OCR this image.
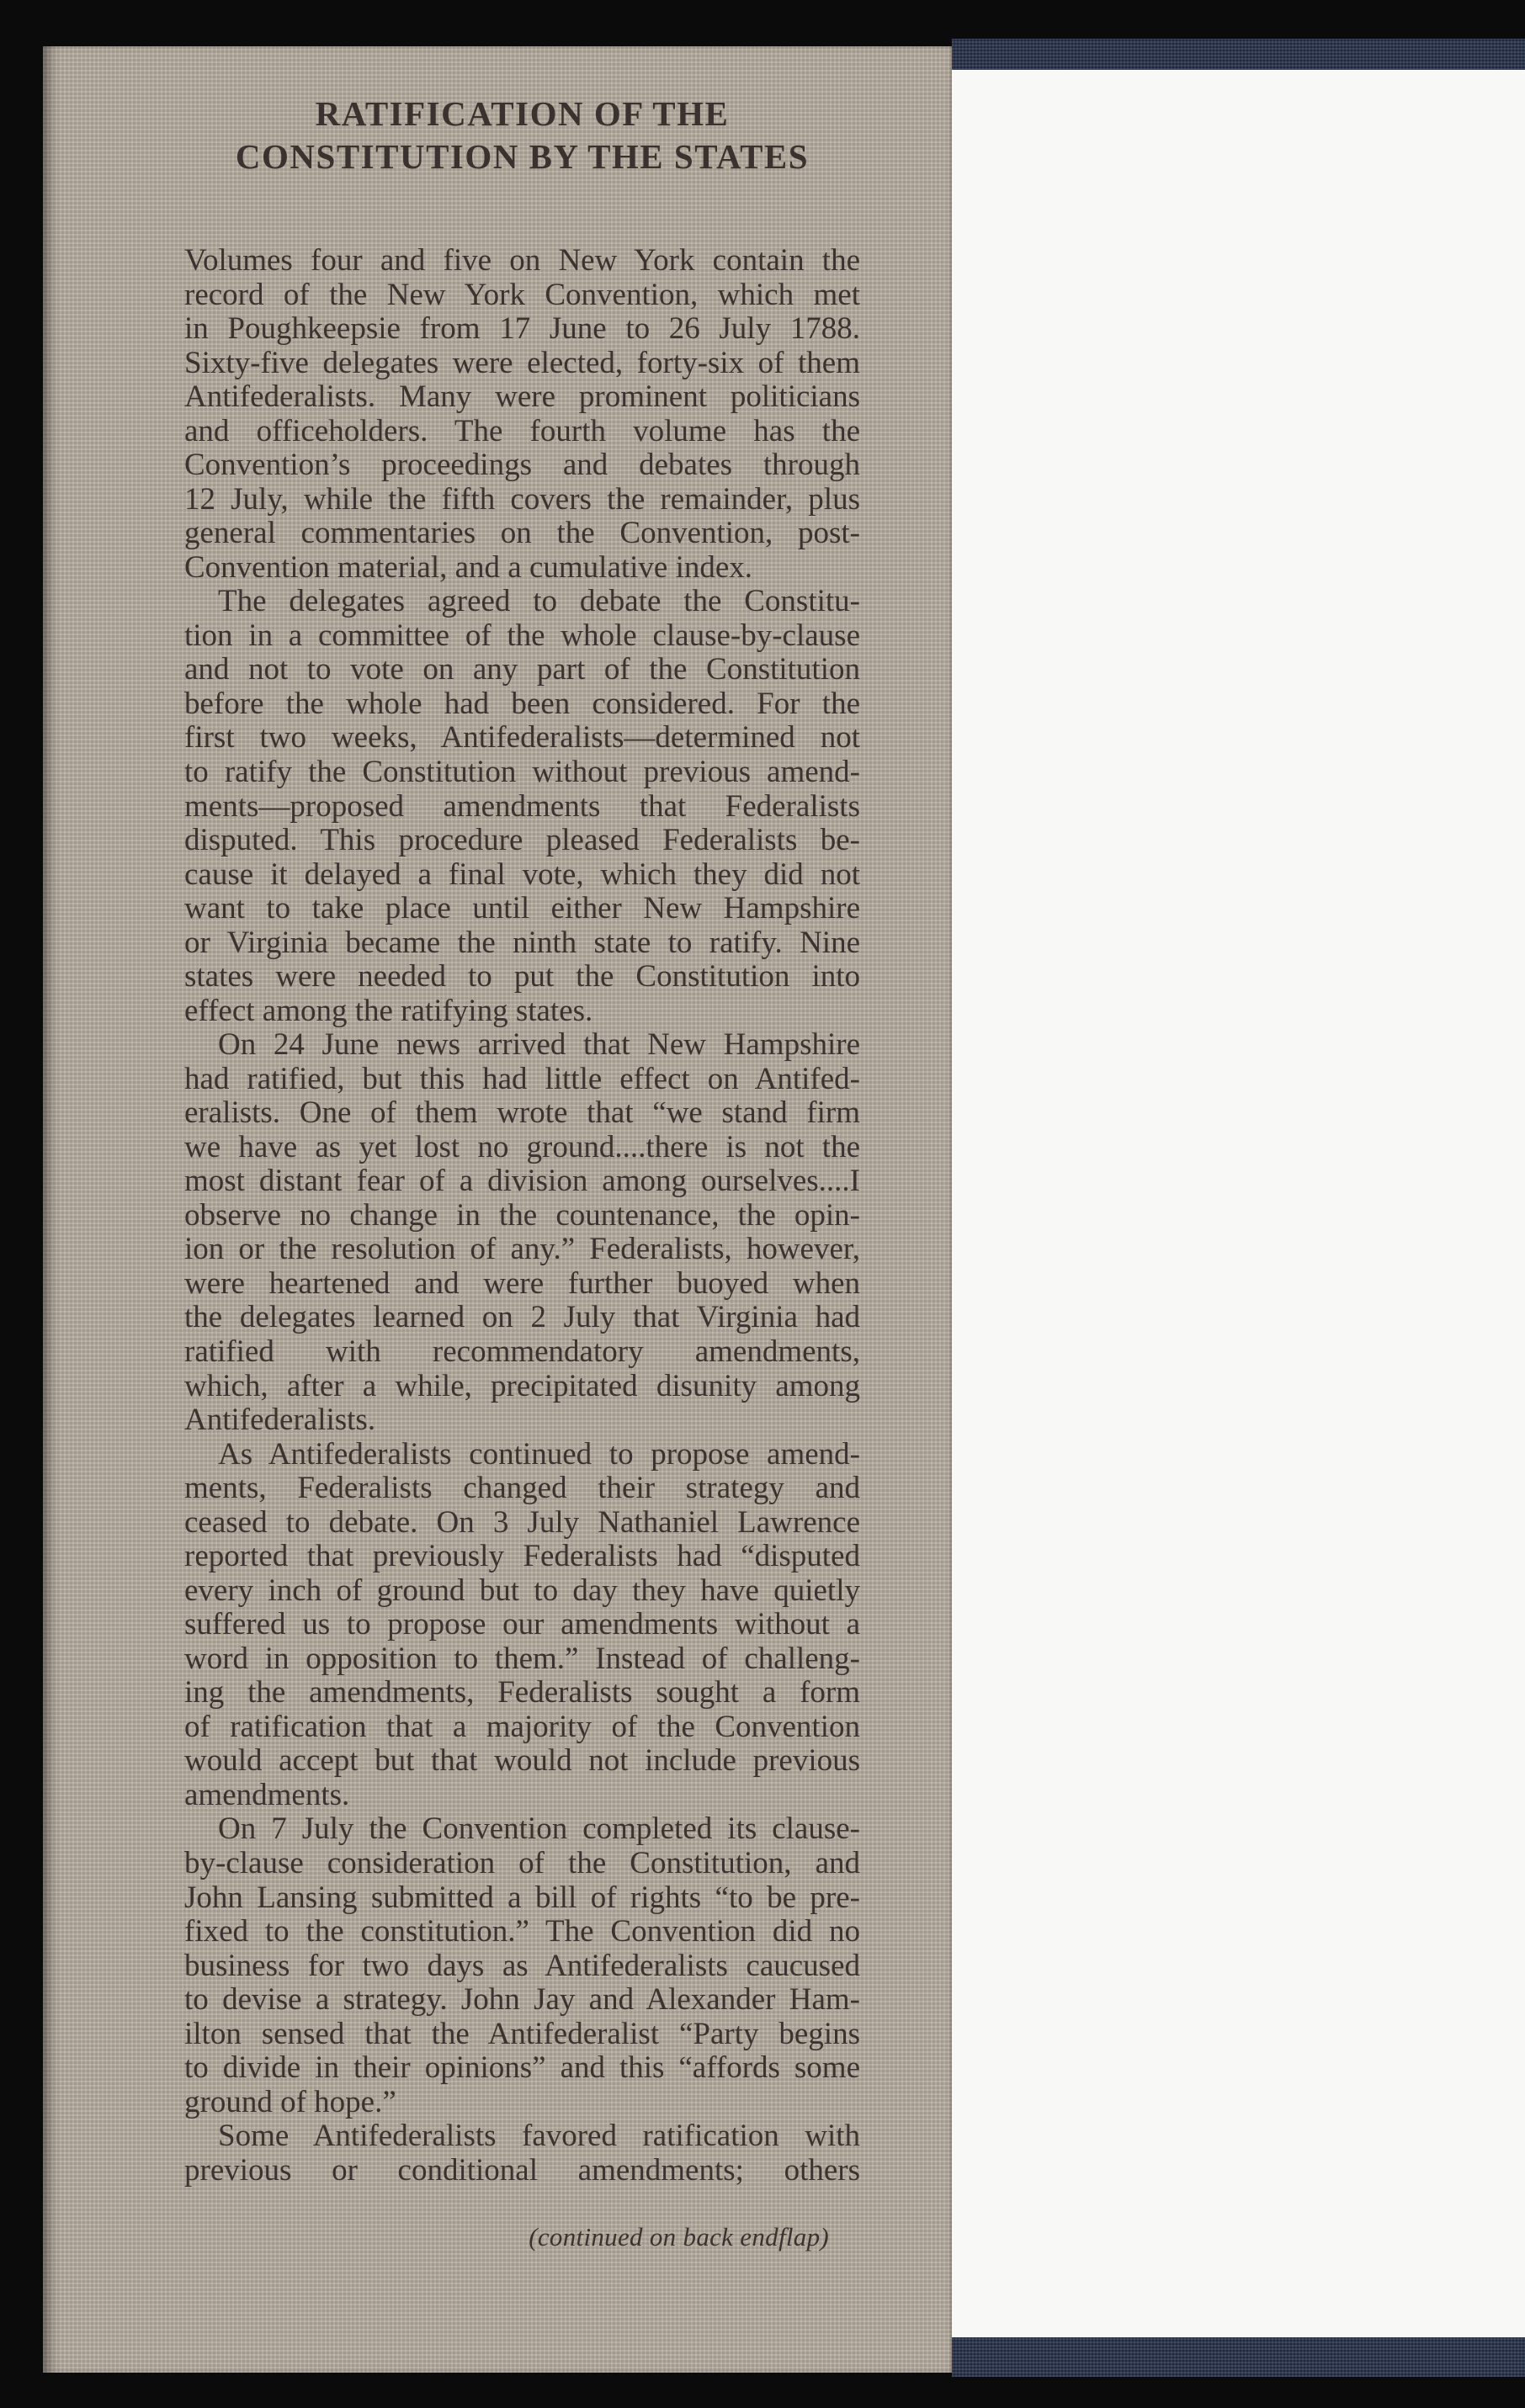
RATIFICATION OF THE
CONSTITUTION BY THE STATES
Volumes four and five on New York contain the
record of the New York Convention, which met
in Poughkeepsie from 17 June to 26 July 1788.
Sixty-five delegates were elected, forty-six of them
Antifederalists. Many were prominent politicians
and officeholders. The fourth volume has the
Convention’s proceedings and debates through
12 July, while the fifth covers the remainder, plus
general commentaries on the Convention, post-
Convention material, and a cumulative index.
The delegates agreed to debate the Constitu-
tion in a committee of the whole clause-by-clause
and not to vote on any part of the Constitution
before the whole had been considered. For the
first two weeks, Antifederalists—determined not
to ratify the Constitution without previous amend-
ments—proposed amendments that Federalists
disputed. This procedure pleased Federalists be-
cause it delayed a final vote, which they did not
want to take place until either New Hampshire
or Virginia became the ninth state to ratify. Nine
states were needed to put the Constitution into
effect among the ratifying states.
On 24 June news arrived that New Hampshire
had ratified, but this had little effect on Antifed-
eralists. One of them wrote that “we stand firm
we have as yet lost no ground....there is not the
most distant fear of a division among ourselves....I
observe no change in the countenance, the opin-
ion or the resolution of any.” Federalists, however,
were heartened and were further buoyed when
the delegates learned on 2 July that Virginia had
ratified with recommendatory amendments,
which, after a while, precipitated disunity among
Antifederalists.
As Antifederalists continued to propose amend-
ments, Federalists changed their strategy and
ceased to debate. On 3 July Nathaniel Lawrence
reported that previously Federalists had “disputed
every inch of ground but to day they have quietly
suffered us to propose our amendments without a
word in opposition to them.” Instead of challeng-
ing the amendments, Federalists sought a form
of ratification that a majority of the Convention
would accept but that would not include previous
amendments.
On 7 July the Convention completed its clause-
by-clause consideration of the Constitution, and
John Lansing submitted a bill of rights “to be pre-
fixed to the constitution.” The Convention did no
business for two days as Antifederalists caucused
to devise a strategy. John Jay and Alexander Ham-
ilton sensed that the Antifederalist “Party begins
to divide in their opinions” and this “affords some
ground of hope.”
Some Antifederalists favored ratification with
previous or conditional amendments; others
(continued on back endflap)
